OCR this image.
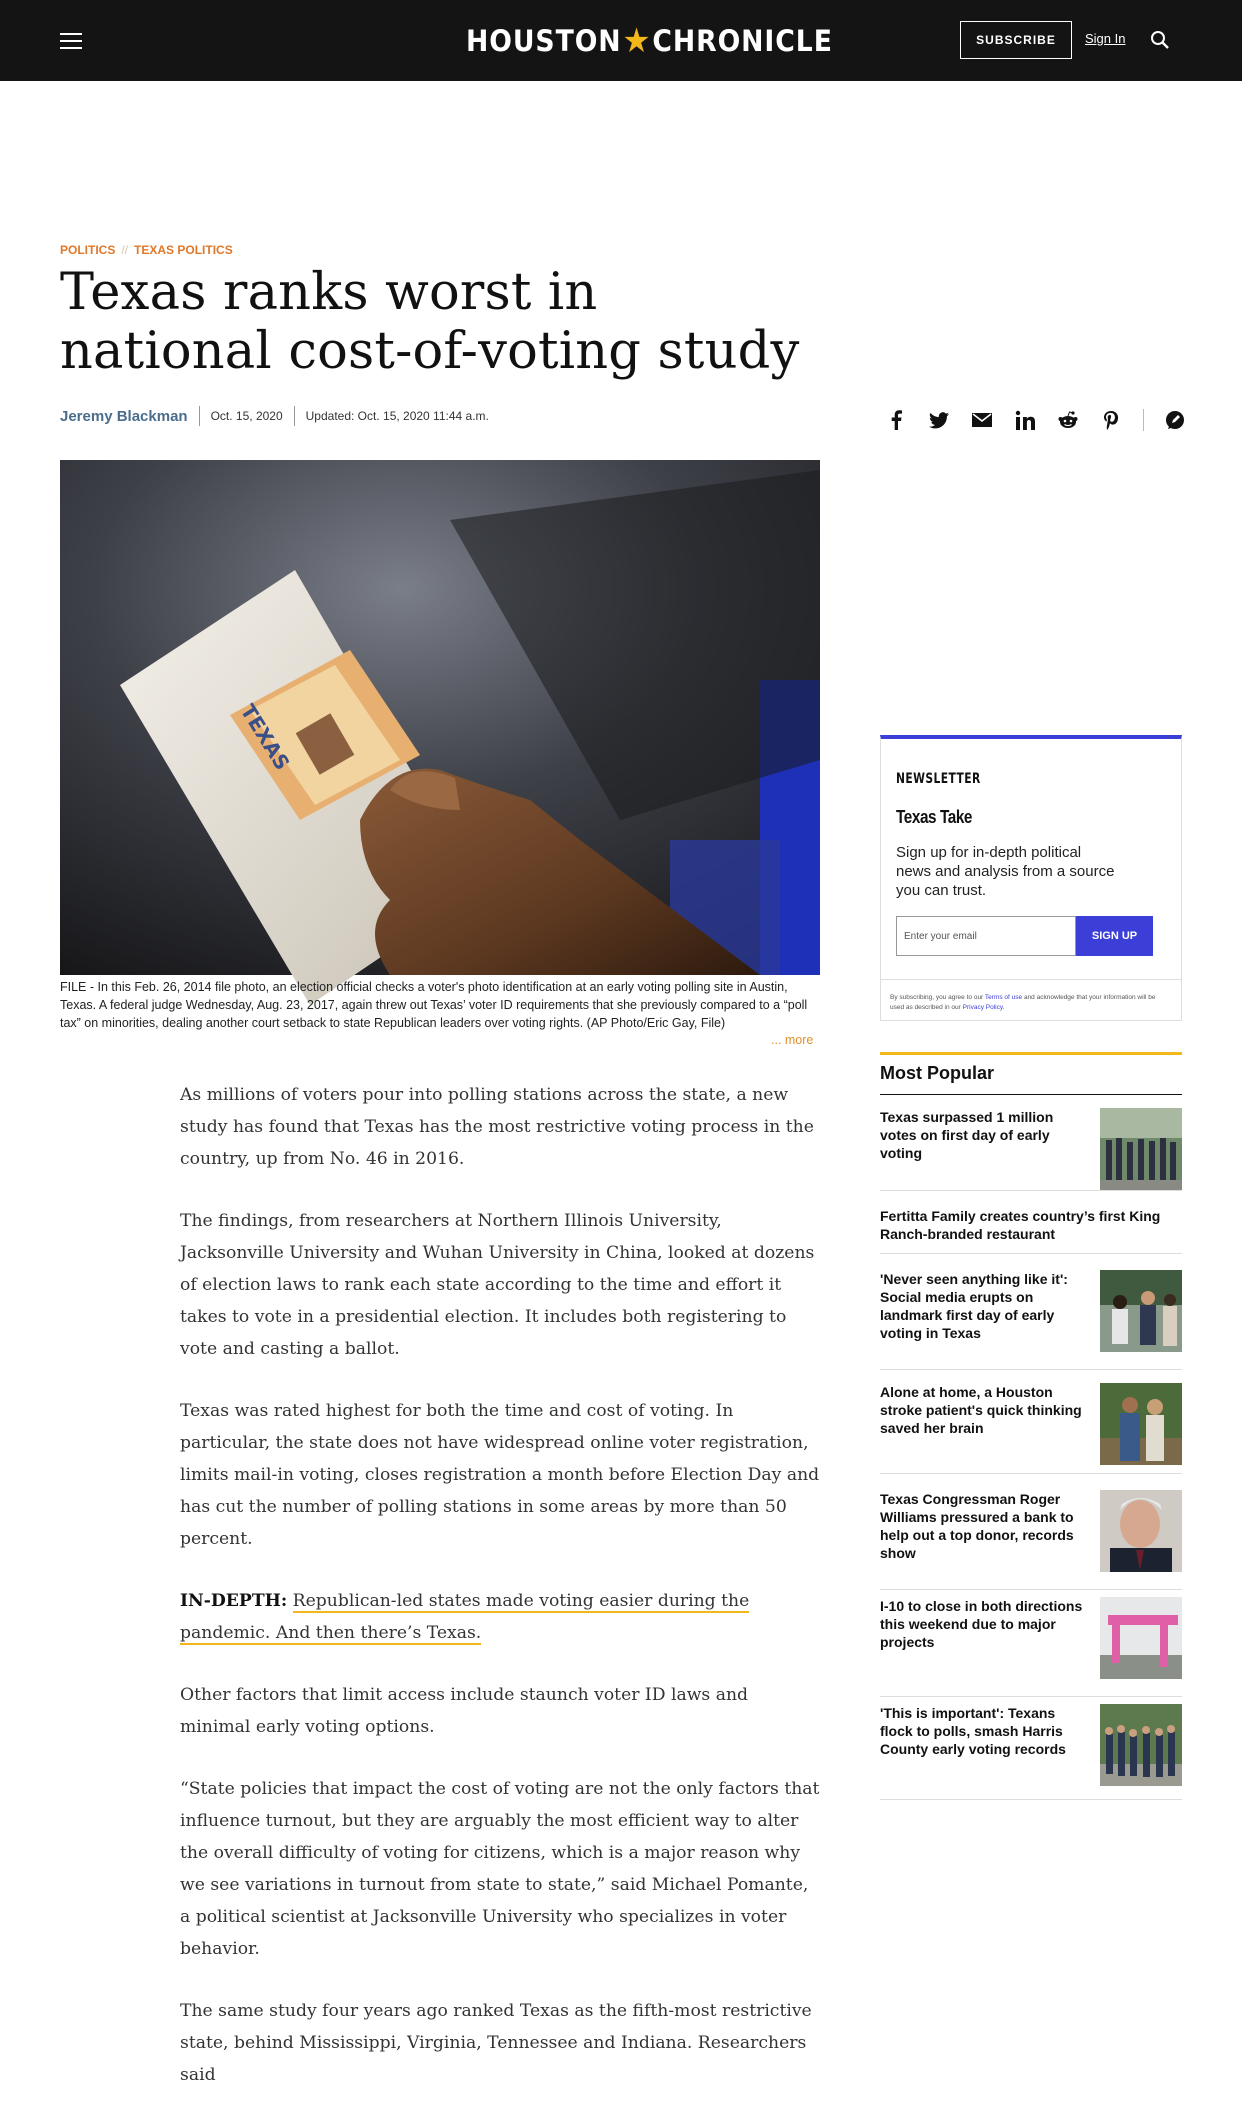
HOUSTON ★ CHRONICLE	SUBSCRIBE	Sign In
POLITICS // TEXAS POLITICS
Texas ranks worst in national cost-of-voting study
Jeremy Blackman Oct. 15, 2020 Updated: Oct. 15, 2020 11:44 a.m.
TEXAS
FILE - In this Feb. 26, 2014 file photo, an election official checks a voter's photo identification at an early voting polling site in Austin, Texas. A federal judge Wednesday, Aug. 23, 2017, again threw out Texas’ voter ID requirements that she previously compared to a “poll tax” on minorities, dealing another court setback to state Republican leaders over voting rights. (AP Photo/Eric Gay, File)
... more

As millions of voters pour into polling stations across the state, a new study has found that Texas has the most restrictive voting process in the country, up from No. 46 in 2016.

The findings, from researchers at Northern Illinois University, Jacksonville University and Wuhan University in China, looked at dozens of election laws to rank each state according to the time and effort it takes to vote in a presidential election. It includes both registering to vote and casting a ballot.

Texas was rated highest for both the time and cost of voting. In particular, the state does not have widespread online voter registration, limits mail-in voting, closes registration a month before Election Day and has cut the number of polling stations in some areas by more than 50 percent.

IN-DEPTH: Republican-led states made voting easier during the pandemic. And then there’s Texas.

Other factors that limit access include staunch voter ID laws and minimal early voting options.

“State policies that impact the cost of voting are not the only factors that influence turnout, but they are arguably the most efficient way to alter the overall difficulty of voting for citizens, which is a major reason why we see variations in turnout from state to state,” said Michael Pomante, a political scientist at Jacksonville University who specializes in voter behavior.

The same study four years ago ranked Texas as the fifth-most restrictive state, behind Mississippi, Virginia, Tennessee and Indiana. Researchers said

NEWSLETTER
Texas Take
Sign up for in-depth political news and analysis from a source you can trust.
Enter your email	SIGN UP
By subscribing, you agree to our Terms of use and acknowledge that your information will be used as described in our Privacy Policy.
Most Popular
Texas surpassed 1 million votes on first day of early voting
Fertitta Family creates country’s first King Ranch-branded restaurant
'Never seen anything like it': Social media erupts on landmark first day of early voting in Texas
Alone at home, a Houston stroke patient's quick thinking saved her brain
Texas Congressman Roger Williams pressured a bank to help out a top donor, records show
I-10 to close in both directions this weekend due to major projects
'This is important': Texans flock to polls, smash Harris County early voting records
